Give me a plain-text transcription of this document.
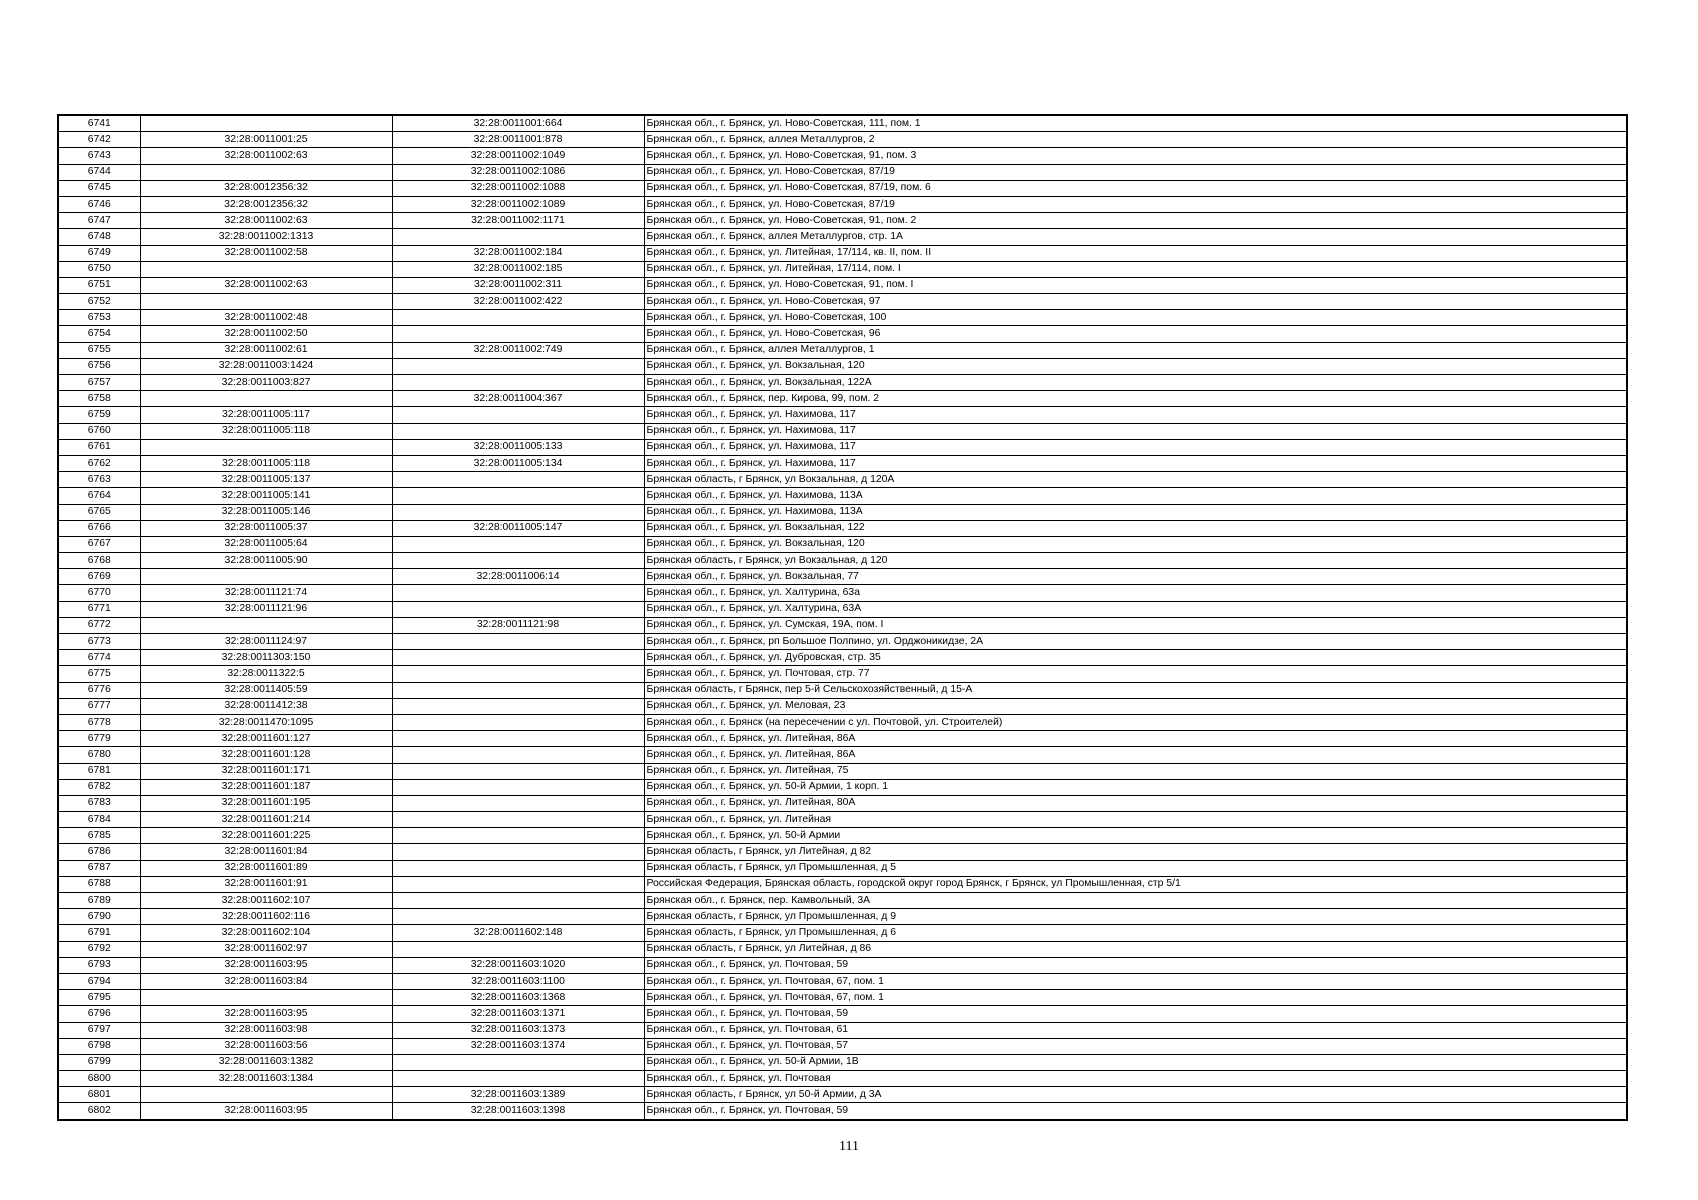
6741		32:28:0011001:664	Брянская обл., г. Брянск, ул. Ново-Советская, 111, пом. 1
6742	32:28:0011001:25	32:28:0011001:878	Брянская обл., г. Брянск, аллея Металлургов, 2
6743	32:28:0011002:63	32:28:0011002:1049	Брянская обл., г. Брянск, ул. Ново-Советская, 91, пом. 3
6744		32:28:0011002:1086	Брянская обл., г. Брянск, ул. Ново-Советская, 87/19
6745	32:28:0012356:32	32:28:0011002:1088	Брянская обл., г. Брянск, ул. Ново-Советская, 87/19, пом. 6
6746	32:28:0012356:32	32:28:0011002:1089	Брянская обл., г. Брянск, ул. Ново-Советская, 87/19
6747	32:28:0011002:63	32:28:0011002:1171	Брянская обл., г. Брянск, ул. Ново-Советская, 91, пом. 2
6748	32:28:0011002:1313		Брянская обл., г. Брянск, аллея Металлургов, стр. 1А
6749	32:28:0011002:58	32:28:0011002:184	Брянская обл., г. Брянск, ул. Литейная, 17/114, кв. II, пом. II
6750		32:28:0011002:185	Брянская обл., г. Брянск, ул. Литейная, 17/114, пом. I
6751	32:28:0011002:63	32:28:0011002:311	Брянская обл., г. Брянск, ул. Ново-Советская, 91, пом. I
6752		32:28:0011002:422	Брянская обл., г. Брянск, ул. Ново-Советская, 97
6753	32:28:0011002:48		Брянская обл., г. Брянск, ул. Ново-Советская, 100
6754	32:28:0011002:50		Брянская обл., г. Брянск, ул. Ново-Советская, 96
6755	32:28:0011002:61	32:28:0011002:749	Брянская обл., г. Брянск, аллея Металлургов, 1
6756	32:28:0011003:1424		Брянская обл., г. Брянск, ул. Вокзальная, 120
6757	32:28:0011003:827		Брянская обл., г. Брянск, ул. Вокзальная, 122А
6758		32:28:0011004:367	Брянская обл., г. Брянск, пер. Кирова, 99, пом. 2
6759	32:28:0011005:117		Брянская обл., г. Брянск, ул. Нахимова, 117
6760	32:28:0011005:118		Брянская обл., г. Брянск, ул. Нахимова, 117
6761		32:28:0011005:133	Брянская обл., г. Брянск, ул. Нахимова, 117
6762	32:28:0011005:118	32:28:0011005:134	Брянская обл., г. Брянск, ул. Нахимова, 117
6763	32:28:0011005:137		Брянская область, г Брянск, ул Вокзальная, д 120А
6764	32:28:0011005:141		Брянская обл., г. Брянск, ул. Нахимова, 113А
6765	32:28:0011005:146		Брянская обл., г. Брянск, ул. Нахимова, 113А
6766	32:28:0011005:37	32:28:0011005:147	Брянская обл., г. Брянск, ул. Вокзальная, 122
6767	32:28:0011005:64		Брянская обл., г. Брянск, ул. Вокзальная, 120
6768	32:28:0011005:90		Брянская область, г Брянск, ул Вокзальная, д 120
6769		32:28:0011006:14	Брянская обл., г. Брянск, ул. Вокзальная, 77
6770	32:28:0011121:74		Брянская обл., г. Брянск, ул. Халтурина, 63а
6771	32:28:0011121:96		Брянская обл., г. Брянск, ул. Халтурина, 63А
6772		32:28:0011121:98	Брянская обл., г. Брянск, ул. Сумская, 19А, пом. I
6773	32:28:0011124:97		Брянская обл., г. Брянск, рп Большое Полпино, ул. Орджоникидзе, 2А
6774	32:28:0011303:150		Брянская обл., г. Брянск, ул. Дубровская, стр. 35
6775	32:28:0011322:5		Брянская обл., г. Брянск, ул. Почтовая, стр. 77
6776	32:28:0011405:59		Брянская область, г Брянск, пер 5-й Сельскохозяйственный, д 15-А
6777	32:28:0011412:38		Брянская обл., г. Брянск, ул. Меловая, 23
6778	32:28:0011470:1095		Брянская обл., г. Брянск (на пересечении с ул. Почтовой, ул. Строителей)
6779	32:28:0011601:127		Брянская обл., г. Брянск, ул. Литейная, 86А
6780	32:28:0011601:128		Брянская обл., г. Брянск, ул. Литейная, 86А
6781	32:28:0011601:171		Брянская обл., г. Брянск, ул. Литейная, 75
6782	32:28:0011601:187		Брянская обл., г. Брянск, ул. 50-й Армии, 1 корп. 1
6783	32:28:0011601:195		Брянская обл., г. Брянск, ул. Литейная, 80А
6784	32:28:0011601:214		Брянская обл., г. Брянск, ул. Литейная
6785	32:28:0011601:225		Брянская обл., г. Брянск, ул. 50-й Армии
6786	32:28:0011601:84		Брянская область, г Брянск, ул Литейная, д 82
6787	32:28:0011601:89		Брянская область, г Брянск, ул Промышленная, д 5
6788	32:28:0011601:91		Российская Федерация, Брянская область, городской округ город Брянск, г Брянск, ул Промышленная, стр 5/1
6789	32:28:0011602:107		Брянская обл., г. Брянск, пер. Камвольный, 3А
6790	32:28:0011602:116		Брянская область, г Брянск, ул Промышленная, д 9
6791	32:28:0011602:104	32:28:0011602:148	Брянская область, г Брянск, ул Промышленная, д 6
6792	32:28:0011602:97		Брянская область, г Брянск, ул Литейная, д 86
6793	32:28:0011603:95	32:28:0011603:1020	Брянская обл., г. Брянск, ул. Почтовая, 59
6794	32:28:0011603:84	32:28:0011603:1100	Брянская обл., г. Брянск, ул. Почтовая, 67, пом. 1
6795		32:28:0011603:1368	Брянская обл., г. Брянск, ул. Почтовая, 67, пом. 1
6796	32:28:0011603:95	32:28:0011603:1371	Брянская обл., г. Брянск, ул. Почтовая, 59
6797	32:28:0011603:98	32:28:0011603:1373	Брянская обл., г. Брянск, ул. Почтовая, 61
6798	32:28:0011603:56	32:28:0011603:1374	Брянская обл., г. Брянск, ул. Почтовая, 57
6799	32:28:0011603:1382		Брянская обл., г. Брянск, ул. 50-й Армии, 1В
6800	32:28:0011603:1384		Брянская обл., г. Брянск, ул. Почтовая
6801		32:28:0011603:1389	Брянская область, г Брянск, ул 50-й Армии, д 3А
6802	32:28:0011603:95	32:28:0011603:1398	Брянская обл., г. Брянск, ул. Почтовая, 59
111
